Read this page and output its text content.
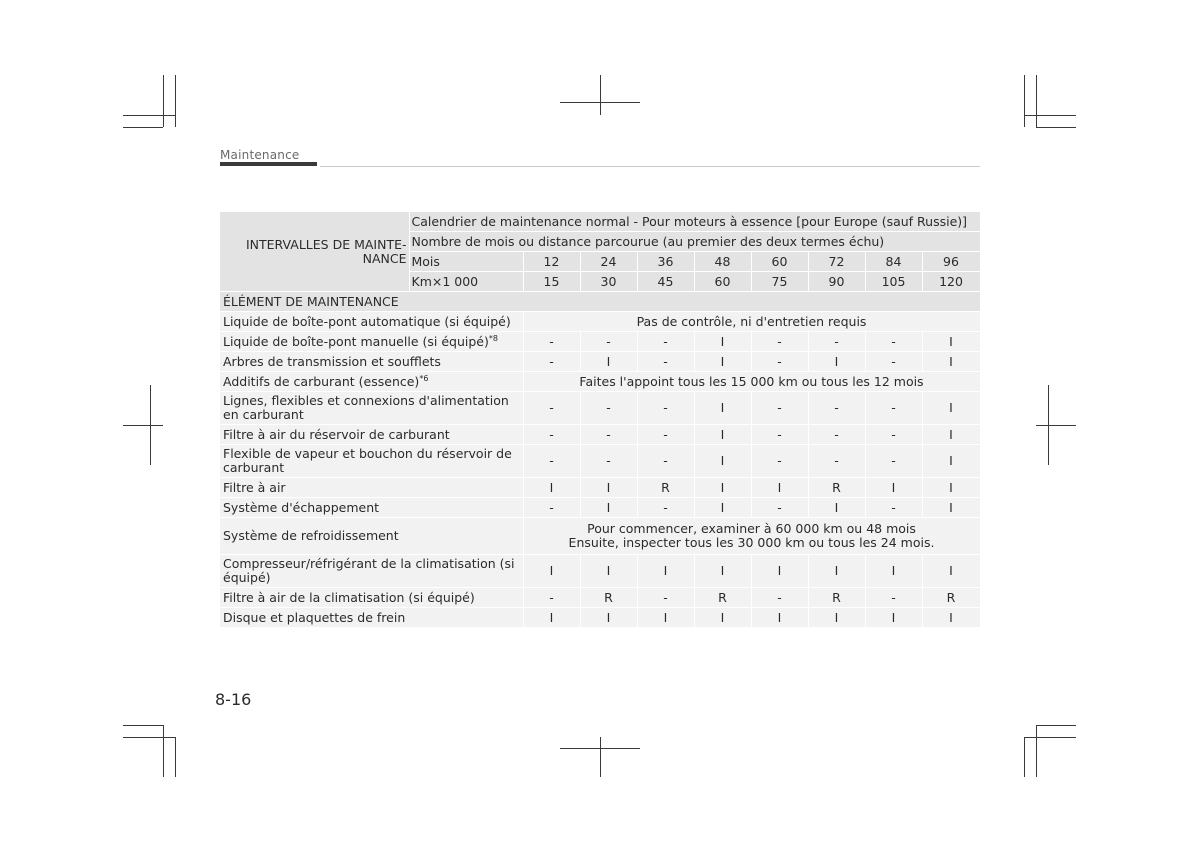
Maintenance
INTERVALLES DE MAINTE-NANCE	Calendrier de maintenance normal - Pour moteurs à essence [pour Europe (sauf Russie)]								
	Nombre de mois ou distance parcourue (au premier des deux termes échu)								
	Mois	12	24	36	48	60	72	84	96
	Km×1 000	15	30	45	60	75	90	105	120
ÉLÉMENT DE MAINTENANCE									
Liquide de boîte-pont automatique (si équipé)		Pas de contrôle, ni d'entretien requis							
Liquide de boîte-pont manuelle (si équipé)$^{*8}$		-	-	-	I	-	-	-	I
Arbres de transmission et soufflets		-	I	-	I	-	I	-	I
Additifs de carburant (essence)$^{*6}$		Faites l'appoint tous les 15 000 km ou tous les 12 mois							
Lignes, flexibles et connexions d'alimentation en carburant		-	-	-	I	-	-	-	I
Filtre à air du réservoir de carburant		-	-	-	I	-	-	-	I
Flexible de vapeur et bouchon du réservoir de carburant		-	-	-	I	-	-	-	I
Filtre à air		I	I	R	I	I	R	I	I
Système d'échappement		-	I	-	I	-	I	-	I
Système de refroidissement		Pour commencer, examiner à 60 000 km ou 48 mois
Ensuite, inspecter tous les 30 000 km ou tous les 24 mois.							

Compresseur/réfrigérant de la climatisation (si équipé)		I	I	I	I	I	I	I	I
Filtre à air de la climatisation (si équipé)		-	R	-	R	-	R	-	R
Disque et plaquettes de frein		I	I	I	I	I	I	I	I
8-16
